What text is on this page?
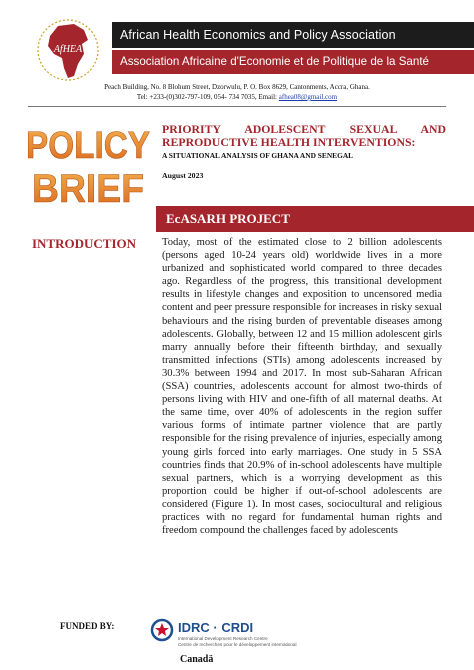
AfHEA
African Health Economics and Policy Association
Association Africaine d'Economie et de Politique de la Santé
Peach Building, No. 8 Blohum Street, Dzorwulu, P. O. Box 8629, Cantonments, Accra, Ghana.
Tel: +233-(0)302-797-109, 054- 734 7035, Email: afhea08@gmail.com
POLICY
BRIEF
PRIORITY ADOLESCENT SEXUAL AND
REPRODUCTIVE HEALTH INTERVENTIONS:
A SITUATIONAL ANALYSIS OF GHANA AND SENEGAL
August 2023
EcASARH PROJECT
INTRODUCTION Today, most of the estimated close to 2 billion adolescents (persons aged 10-24 years old) worldwide lives in a more urbanized and sophisticated world compared to three decades ago. Regardless of the progress, this transitional development results in lifestyle changes and exposition to uncensored media content and peer pressure responsible for increases in risky sexual behaviours and the rising burden of preventable diseases among adolescents. Globally, between 12 and 15 million adolescent girls marry annually before their fifteenth birthday, and sexually transmitted infections (STIs) among adolescents increased by 30.3% between 1994 and 2017. In most sub-Saharan African (SSA) countries, adolescents account for almost two-thirds of persons living with HIV and one-fifth of all maternal deaths. At the same time, over 40% of adolescents in the region suffer various forms of intimate partner violence that are partly responsible for the rising prevalence of injuries, especially among young girls forced into early marriages. One study in 5 SSA countries finds that 20.9% of in-school adolescents have multiple sexual partners, which is a worrying development as this proportion could be higher if out-of-school adolescents are considered (Figure 1). In most cases, sociocultural and religious practices with no regard for fundamental human rights and freedom compound the challenges faced by adolescents
FUNDED BY:	IDRC · CRDI
International Development Research Centre
Centre de recherches pour le développement international
Canadä
